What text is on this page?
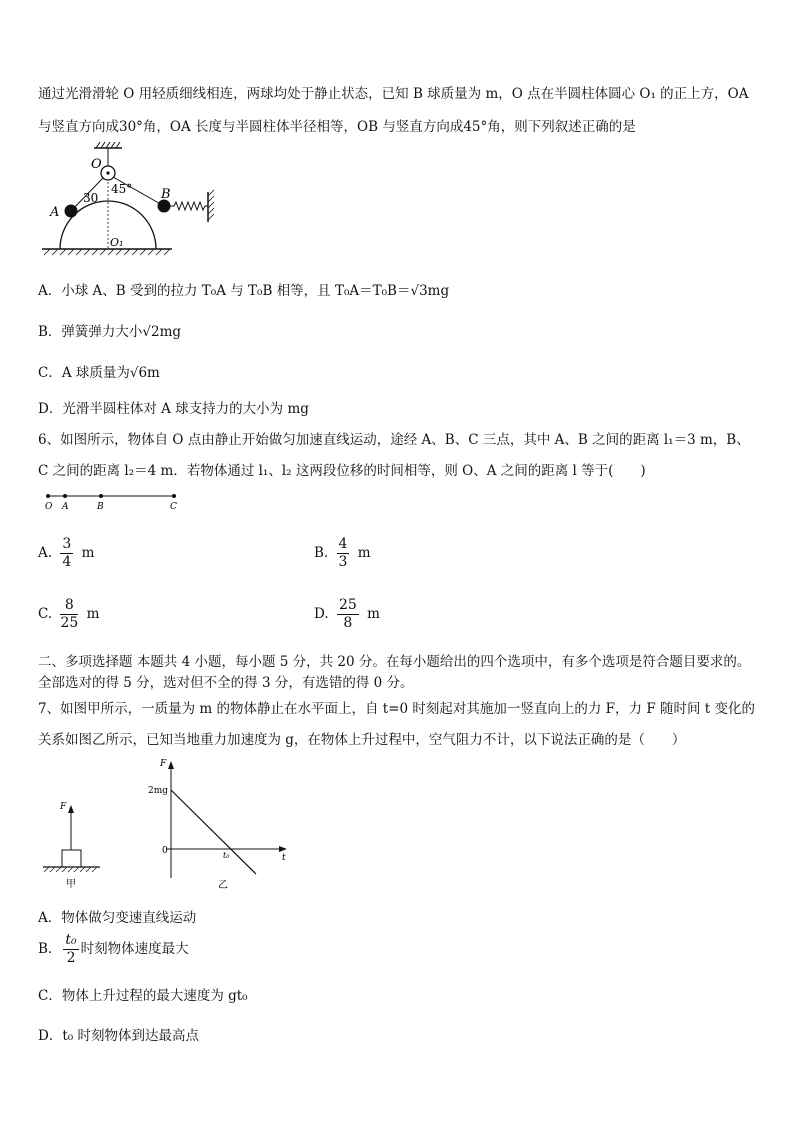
通过光滑滑轮 O 用轻质细线相连，两球均处于静止状态，已知 B 球质量为 m，O 点在半圆柱体圆心 O₁ 的正上方，OA
与竖直方向成30°角，OA 长度与半圆柱体半径相等，OB 与竖直方向成45°角，则下列叙述正确的是
O
A
B
O₁
30
45°
A．小球 A、B 受到的拉力 T₀A 与 T₀B 相等，且 T₀A＝T₀B＝√3mg
B．弹簧弹力大小√2mg
C．A 球质量为√6m
D．光滑半圆柱体对 A 球支持力的大小为 mg
6、如图所示，物体自 O 点由静止开始做匀加速直线运动，途经 A、B、C 三点，其中 A、B 之间的距离 l₁＝3 m，B、
C 之间的距离 l₂＝4 m．若物体通过 l₁、l₂ 这两段位移的时间相等，则 O、A 之间的距离 l 等于(　　)
O A	B	C
A. $\frac{3}{4}$ m	B. $\frac{4}{3}$ m
C. $\frac{8}{25}$ m	D. $\frac{25}{8}$ m
二、多项选择题 本题共 4 小题，每小题 5 分，共 20 分。在每小题给出的四个选项中，有多个选项是符合题目要求的。
全部选对的得 5 分，选对但不全的得 3 分，有选错的得 0 分。
7、如图甲所示，一质量为 m 的物体静止在水平面上，自 t=0 时刻起对其施加一竖直向上的力 F，力 F 随时间 t 变化的
关系如图乙所示，已知当地重力加速度为 g，在物体上升过程中，空气阻力不计，以下说法正确的是（　　）
F
甲
F
t
2mg
0	t₀
乙
A．物体做匀变速直线运动
B． $\frac{\text{t₀}}{2}$ 时刻物体速度最大
C．物体上升过程的最大速度为 gt₀
D．t₀ 时刻物体到达最高点
